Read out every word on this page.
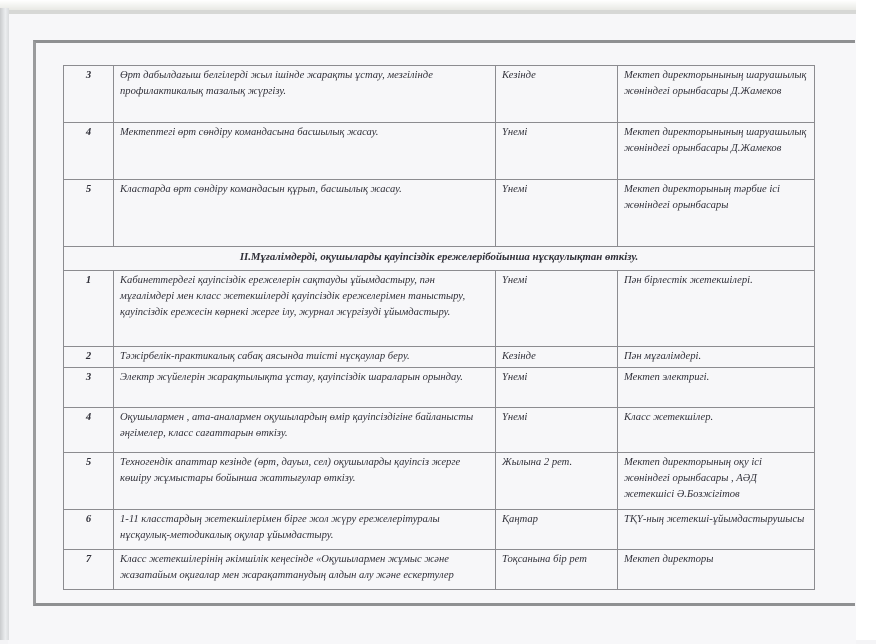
3	Өрт дабылдағыш белгілерді жыл ішінде жарақты ұстау, мезгілінде профилактикалық тазалық жүргізу.	Кезінде	Мектеп директорынының шаруашылық жөніндегі орынбасары Д.Жамеков
4	Мектептегі өрт сөндіру командасына басшылық жасау.	Үнемі	Мектеп директорынының шаруашылық жөніндегі орынбасары Д.Жамеков
5	Кластарда өрт сөндіру командасын құрып, басшылық жасау.	Үнемі	Мектеп директорының тәрбие ісі жөніндегі орынбасары
ІІ.Мұғалімдерді, оқушыларды қауіпсіздік ережелерібойынша нұсқаулықтан өткізу.			
1	Кабинеттердегі қауіпсіздік ережелерін сақтауды ұйымдастыру, пән мұғалімдері мен класс жетекшілерді қауіпсіздік ережелерімен таныстыру, қауіпсіздік ережесін көрнекі жерге ілу, журнал жүргізуді ұйымдастыру.	Үнемі	Пән бірлестік жетекшілері.
2	Тәжірбелік-практикалық сабақ аясында тиісті нұсқаулар беру.	Кезінде	Пән мұғалімдері.
3	Электр жүйелерін жарақтылықта ұстау, қауіпсіздік шараларын орындау.	Үнемі	Мектеп электригі.
4	Оқушылармен , ата-аналармен оқушылардың өмір қауіпсіздігіне байланысты әңгімелер, класс сағаттарын өткізу.	Үнемі	Класс жетекшілер.
5	Техногендік апаттар кезінде (өрт, дауыл, сел) оқушыларды қауіпсіз жерге көшіру жұмыстары бойынша жаттығулар өткізу.	Жылына 2 рет.	Мектеп директорының оқу ісі жөніндегі орынбасары , АӘД жетекшісі Ә.Бозжігітов
6	1-11 класстардың жетекшілерімен бірге жол жүру ережелерітуралы нұсқаулық-методикалық оқулар ұйымдастыру.	Қаңтар	ТҚҮ-ның жетекші-ұйымдастырушысы
7	Класс жетекшілерінің әкімшілік кеңесінде «Оқушылармен жұмыс және жазатайым оқиғалар мен жарақаттанудың алдын алу және ескертулер	Тоқсанына бір рет	Мектеп директоры
